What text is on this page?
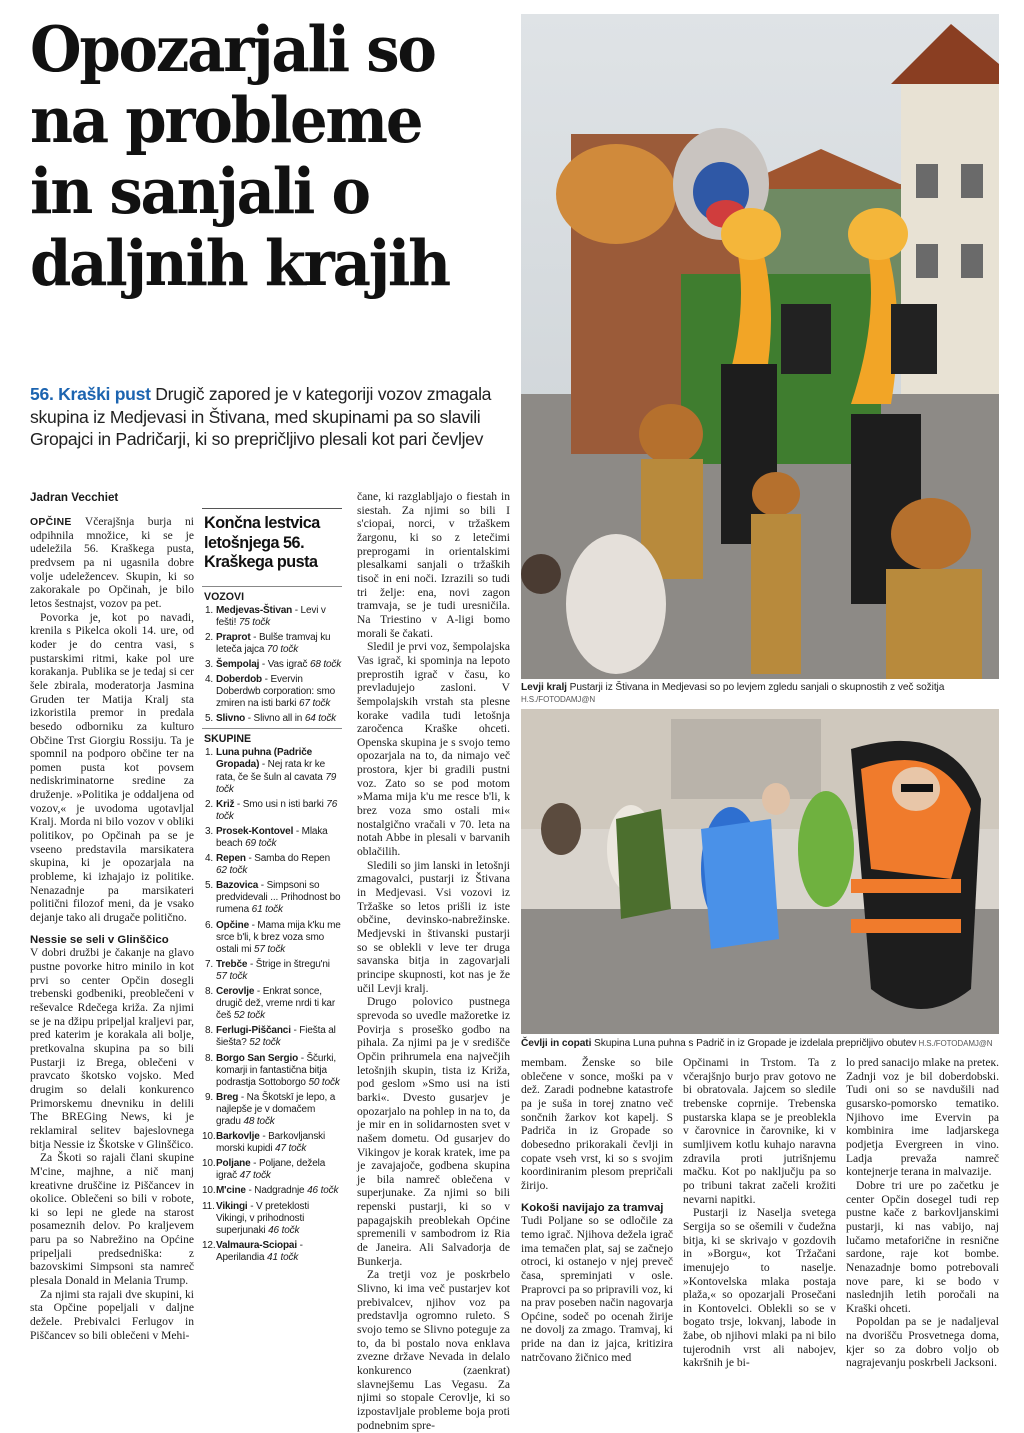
Opozarjali so
na probleme
in sanjali o
daljnih krajih

56. Kraški pust Drugič zapored je v kategoriji vozov zmagala skupina iz Medjevasi in Štivana, med skupinami pa so slavili Gropajci in Padričarji, ki so prepričljivo plesali kot pari čevljev

Jadran Vecchiet

OPČINE Včerajšnja burja ni odpihnila množice, ki se je udeležila 56. Kraškega pusta, predvsem pa ni ugasnila dobre volje udeležencev. Skupin, ki so zakorakale po Opčinah, je bilo letos šestnajst, vozov pa pet.

Povorka je, kot po navadi, krenila s Pikelca okoli 14. ure, od koder je do centra vasi, s pustarskimi ritmi, kake pol ure korakanja. Publika se je tedaj si cer šele zbirala, moderatorja Jasmina Gruden ter Matija Kralj sta izkoristila premor in predala besedo odborniku za kulturo Občine Trst Giorgiu Rossiju. Ta je spomnil na podporo občine ter na pomen pusta kot povsem nediskriminatorne sredine za druženje. »Politika je oddaljena od vozov,« je uvodoma ugotavljal Kralj. Morda ni bilo vozov v obliki politikov, po Opčinah pa se je vseeno predstavila marsikatera skupina, ki je opozarjala na probleme, ki izhajajo iz politike. Nenazadnje pa marsikateri politični filozof meni, da je vsako dejanje tako ali drugače politično.

Nessie se seli v Glinščico

V dobri družbi je čakanje na glavo pustne povorke hitro minilo in kot prvi so center Opčin dosegli trebenski godbeniki, preoblečeni v reševalce Rdečega križa. Za njimi se je na džipu pripeljal kraljevi par, pred katerim je korakala ali bolje, pretkovalna skupina pa so bili Pustarji iz Brega, oblečeni v pravcato škotsko vojsko. Med drugim so delali konkurenco Primorskemu dnevniku in delili The BREGing News, ki je reklamiral selitev bajeslovnega bitja Nessie iz Škotske v Glinščico.

Za Škoti so rajali člani skupine M'cine, majhne, a nič manj kreativne druščine iz Piščancev in okolice. Oblečeni so bili v robote, ki so lepi ne glede na starost posameznih delov. Po kraljevem paru pa so Nabrežino na Općine pripeljali predsedniška: z bazovskimi Simpsoni sta namreč plesala Donald in Melania Trump.

Za njimi sta rajali dve skupini, ki sta Opčine popeljali v daljne dežele. Prebivalci Ferlugov in Piščancev so bili oblečeni v Mehi-

Končna lestvica letošnjega 56. Kraškega pusta
VOZOVI
1. Medjevas-Štivan - Levi v fešti! 75 točk
2. Praprot - Bulše tramvaj ku leteča jajca 70 točk
3. Šempolaj - Vas igrač 68 točk
4. Doberdob - Evervin Doberdwb corporation: smo zmiren na isti barki 67 točk
5. Slivno - Slivno all in 64 točk
SKUPINE
1. Luna puhna (Padriče Gropada) - Nej rata kr ke rata, če še šuln al cavata 79 točk
2. Križ - Smo usi n isti barki 76 točk
3. Prosek-Kontovel - Mlaka beach 69 točk
4. Repen - Samba do Repen 62 točk
5. Bazovica - Simpsoni so predvidevali ... Prihodnost bo rumena 61 točk
6. Opčine - Mama mija k'ku me srce b'li, k brez voza smo ostali mi 57 točk
7. Trebče - Štrige in štregu'ni 57 točk
8. Cerovlje - Enkrat sonce, drugič dež, vreme nrdi ti kar češ 52 točk
8. Ferlugi-Piščanci - Fiešta al šiešta? 52 točk
8. Borgo San Sergio - Ščurki, komarji in fantastična bitja podrastja Sottoborgo 50 točk
9. Breg - Na Škotskī je lepo, a najlepše je v domačem gradu 48 točk
10. Barkovlje - Barkovljanski morski kupidi 47 točk
10. Poljane - Poljane, dežela igrač 47 točk
10. M'cine - Nadgradnje 46 točk
11. Vikingi - V preteklosti Vikingi, v prihodnosti superjunaki 46 točk
12. Valmaura-Sciopai - Aperilandia 41 točk

čane, ki razglabljajo o fiestah in siestah. Za njimi so bili I s'ciopai, norci, v tržaškem žargonu, ki so z letečimi preprogami in orientalskimi plesalkami sanjali o tržaških tisoč in eni noči. Izrazili so tudi tri želje: ena, novi zagon tramvaja, se je tudi uresničila. Na Triestino v A-ligi bomo morali še čakati.

Sledil je prvi voz, šempolajska Vas igrač, ki spominja na lepoto preprostih igrač v času, ko prevladujejo zasloni. V šempolajskih vrstah sta plesne korake vadila tudi letošnja zaročenca Kraške ohceti. Openska skupina je s svojo temo opozarjala na to, da nimajo več prostora, kjer bi gradili pustni voz. Zato so se pod motom »Mama mija k'u me resce b'li, k brez voza smo ostali mi« nostalgično vračali v 70. leta na notah Abbe in plesali v barvanih oblačilih.

Sledili so jim lanski in letošnji zmagovalci, pustarji iz Štivana in Medjevasi. Vsi vozovi iz Tržaške so letos prišli iz iste občine, devinsko-nabrežinske. Medjevski in štivanski pustarji so se oblekli v leve ter druga savanska bitja in zagovarjali principe skupnosti, kot nas je že učil Levji kralj.

Drugo polovico pustnega sprevoda so uvedle mažoretke iz Povirja s proseško godbo na pihala. Za njimi pa je v središče Opčin prihrumela ena največjih letošnjih skupin, tista iz Križa, pod geslom »Smo usi na isti barki«. Dvesto gusarjev je opozarjalo na pohlep in na to, da je mir en in solidarnosten svet v našem dometu. Od gusarjev do Vikingov je korak kratek, ime pa je zavajajoče, godbena skupina je bila namreč oblečena v superjunake. Za njimi so bili repenski pustarji, ki so v papagajskih preoblekah Općine spremenili v sambodrom iz Ria de Janeira. Ali Salvadorja de Bunkerja.

Za tretji voz je poskrbelo Slivno, ki ima več pustarjev kot prebivalcev, njihov voz pa predstavlja ogromno ruleto. S svojo temo se Slivno poteguje za to, da bi postalo nova enklava zvezne države Nevada in delalo konkurenco (zaenkrat) slavnejšemu Las Vegasu. Za njimi so stopale Cerovlje, ki so izpostavljale probleme boja proti podnebnim spre-

Levji kralj Pustarji iz Štivana in Medjevasi so po levjem zgledu sanjali o skupnostih z več sožitja H.S./FOTODAMJ@N
Čevlji in copati Skupina Luna puhna s Padrič in iz Gropade je izdelala prepričljivo obutev H.S./FOTODAMJ@N

membam. Ženske so bile oblečene v sonce, moški pa v dež. Zaradi podnebne katastrofe pa je suša in torej znatno več sončnih žarkov kot kapelj. S Padriča in iz Gropade so dobesedno prikorakali čevlji in copate vseh vrst, ki so s svojim koordiniranim plesom prepričali žirijo.

Kokoši navijajo za tramvaj

Tudi Poljane so se odločile za temo igrač. Njihova dežela igrač ima temačen plat, saj se začnejo otroci, ki ostanejo v njej preveč časa, spreminjati v osle. Praprovci pa so pripravili voz, ki na prav poseben način nagovarja Općine, sodeč po ocenah žirije ne dovolj za zmago. Tramvaj, ki pride na dan iz jajca, kritizira natrčovano žičnico med

Opčinami in Trstom. Ta z včerajšnjo burjo prav gotovo ne bi obratovala. Jajcem so sledile trebenske coprnije. Trebenska pustarska klapa se je preoblekla v čarovnice in čarovnike, ki v sumljivem kotlu kuhajo naravna zdravila proti jutrišnjemu mačku. Kot po naključju pa so po tribuni takrat začeli krožiti nevarni napitki.

Pustarji iz Naselja svetega Sergija so se ošemili v čudežna bitja, ki se skrivajo v gozdovih in »Borgu«, kot Tržačani imenujejo to naselje. »Kontovelska mlaka postaja plaža,« so opozarjali Prosečani in Kontovelci. Oblekli so se v bogato trsje, lokvanj, labode in žabe, ob njihovi mlaki pa ni bilo tujerodnih vrst ali nabojev, kakršnih je bi-

lo pred sanacijo mlake na preteк. Zadnji voz je bil doberdobski. Tudi oni so se navdušili nad gusarsko-pomorsko tematiko. Njihovo ime Evervin pa kombinira ime ladjarskega podjetja Evergreen in vino. Ladja prevaža namreč kontejnerje terana in malvazije.

Dobre tri ure po začetku je center Opčin dosegel tudi rep pustne kače z barkovljanskimi pustarji, ki nas vabijo, naj lučamo metaforične in resnične sardone, raje kot bombe. Nenazadnje bomo potrebovali nove pare, ki se bodo v naslednjih letih poročali na Kraški ohceti.

Popoldan pa se je nadaljeval na dvorišču Prosvetnega doma, kjer so za dobro voljo ob nagrajevanju poskrbeli Jacksoni.
